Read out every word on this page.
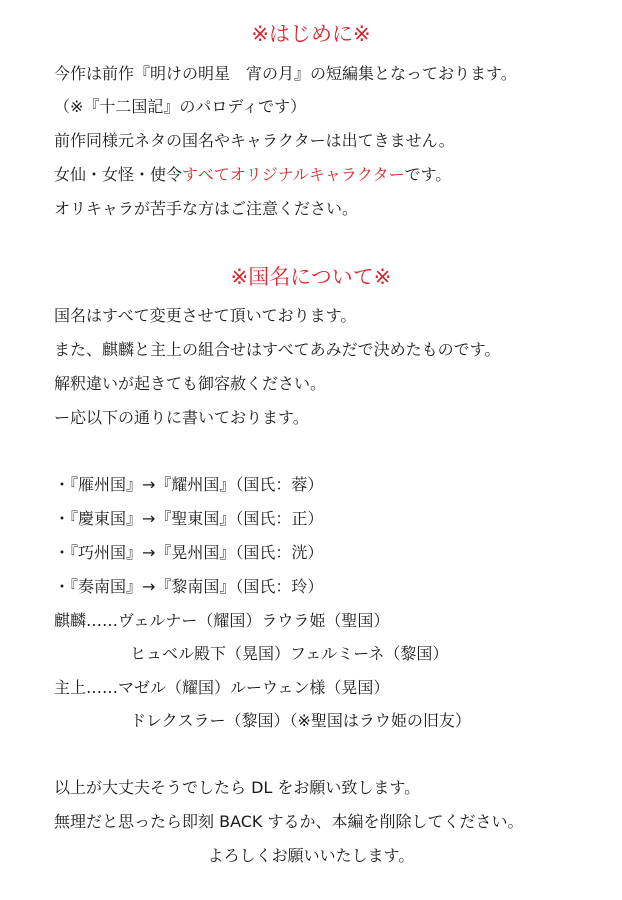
※はじめに※
今作は前作『明けの明星　宵の月』の短編集となっております。
（※『十二国記』のパロディです）
前作同様元ネタの国名やキャラクターは出てきません。
女仙・女怪・使令すべてオリジナルキャラクターです。
オリキャラが苦手な方はご注意ください。
※国名について※
国名はすべて変更させて頂いております。
また、麒麟と主上の組合せはすべてあみだで決めたものです。
解釈違いが起きても御容赦ください。
ー応以下の通りに書いております。
・『雁州国』→『耀州国』（国氏：蓉）
・『慶東国』→『聖東国』（国氏：正）
・『巧州国』→『晃州国』（国氏：洸）
・『奏南国』→『黎南国』（国氏：玲）
麒麟……ヴェルナー（耀国）ラウラ姫（聖国）
ヒュベル殿下（晃国）フェルミーネ（黎国）
主上……マゼル（耀国）ルーウェン様（晃国）
ドレクスラー（黎国）（※聖国はラウ姫の旧友）
以上が大丈夫そうでしたら DL をお願い致します。
無理だと思ったら即刻 BACK するか、本編を削除してください。
よろしくお願いいたします。
